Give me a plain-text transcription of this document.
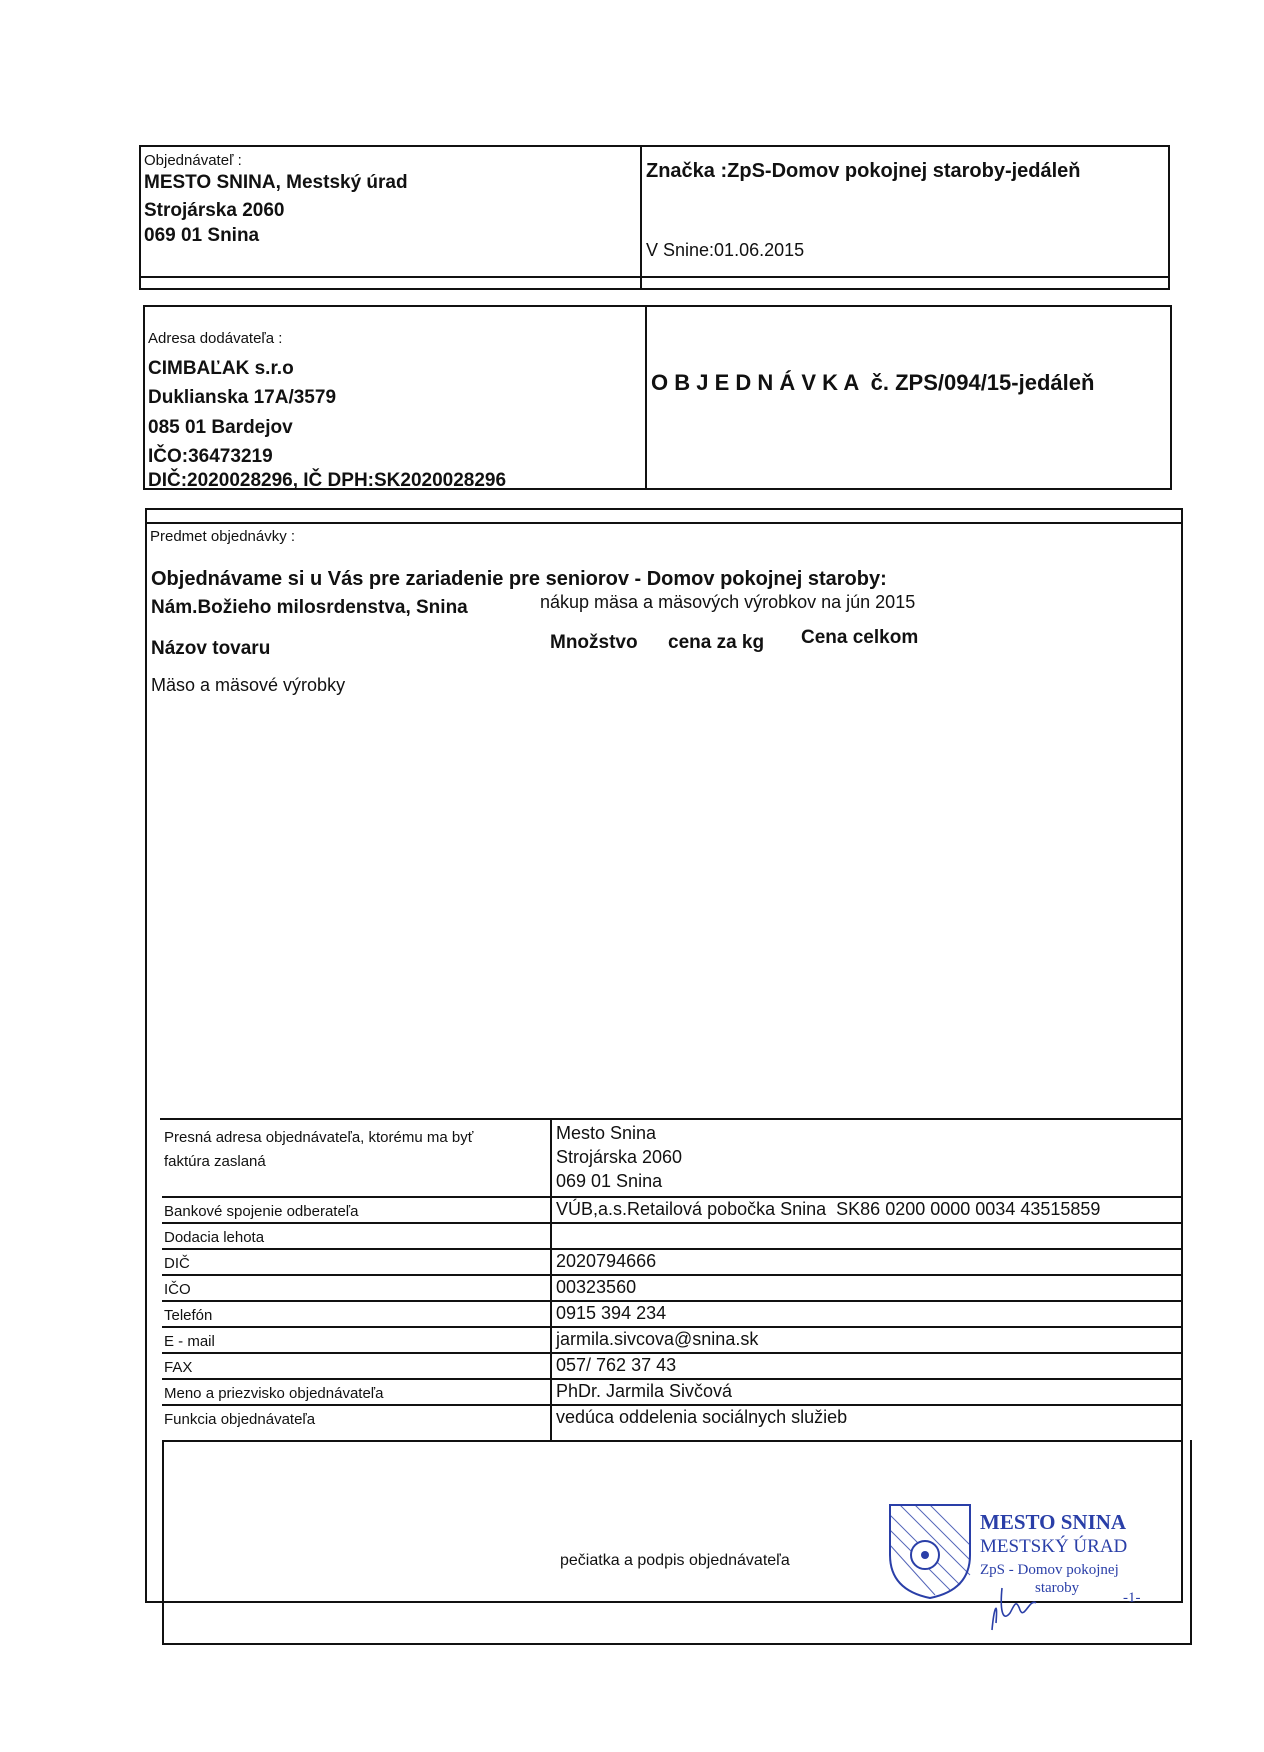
Objednávateľ :
MESTO SNINA, Mestský úrad
Strojárska 2060
069 01 Snina
Značka :ZpS-Domov pokojnej staroby-jedáleň
V Snine:01.06.2015
Adresa dodávateľa :
CIMBAĽAK s.r.o
Duklianska 17A/3579
085 01 Bardejov
IČO:36473219
DIČ:2020028296, IČ DPH:SK2020028296
O B J E D N Á V K A  č. ZPS/094/15-jedáleň
Predmet objednávky :
Objednávame si u Vás pre zariadenie pre seniorov - Domov pokojnej staroby:
Nám.Božieho milosrdenstva, Snina	nákup mäsa a mäsových výrobkov na jún 2015
Názov tovaru	Množstvo cena za kg Cena celkom
Mäso a mäsové výrobky
Presná adresa objednávateľa, ktorému ma byť
faktúra zaslaná
Mesto Snina
Strojárska 2060
069 01 Snina
Bankové spojenie odberateľa	VÚB,a.s.Retailová pobočka Snina  SK86 0200 0000 0034 43515859
Dodacia lehota
DIČ	2020794666
IČO	00323560
Telefón	0915 394 234
E - mail	jarmila.sivcova@snina.sk
FAX	057/ 762 37 43
Meno a priezvisko objednávateľa	PhDr. Jarmila Sivčová
Funkcia objednávateľa	vedúca oddelenia sociálnych služieb
pečiatka a podpis objednávateľa
MESTO SNINA
MESTSKÝ ÚRAD
ZpS - Domov pokojnej
staroby
-1-
